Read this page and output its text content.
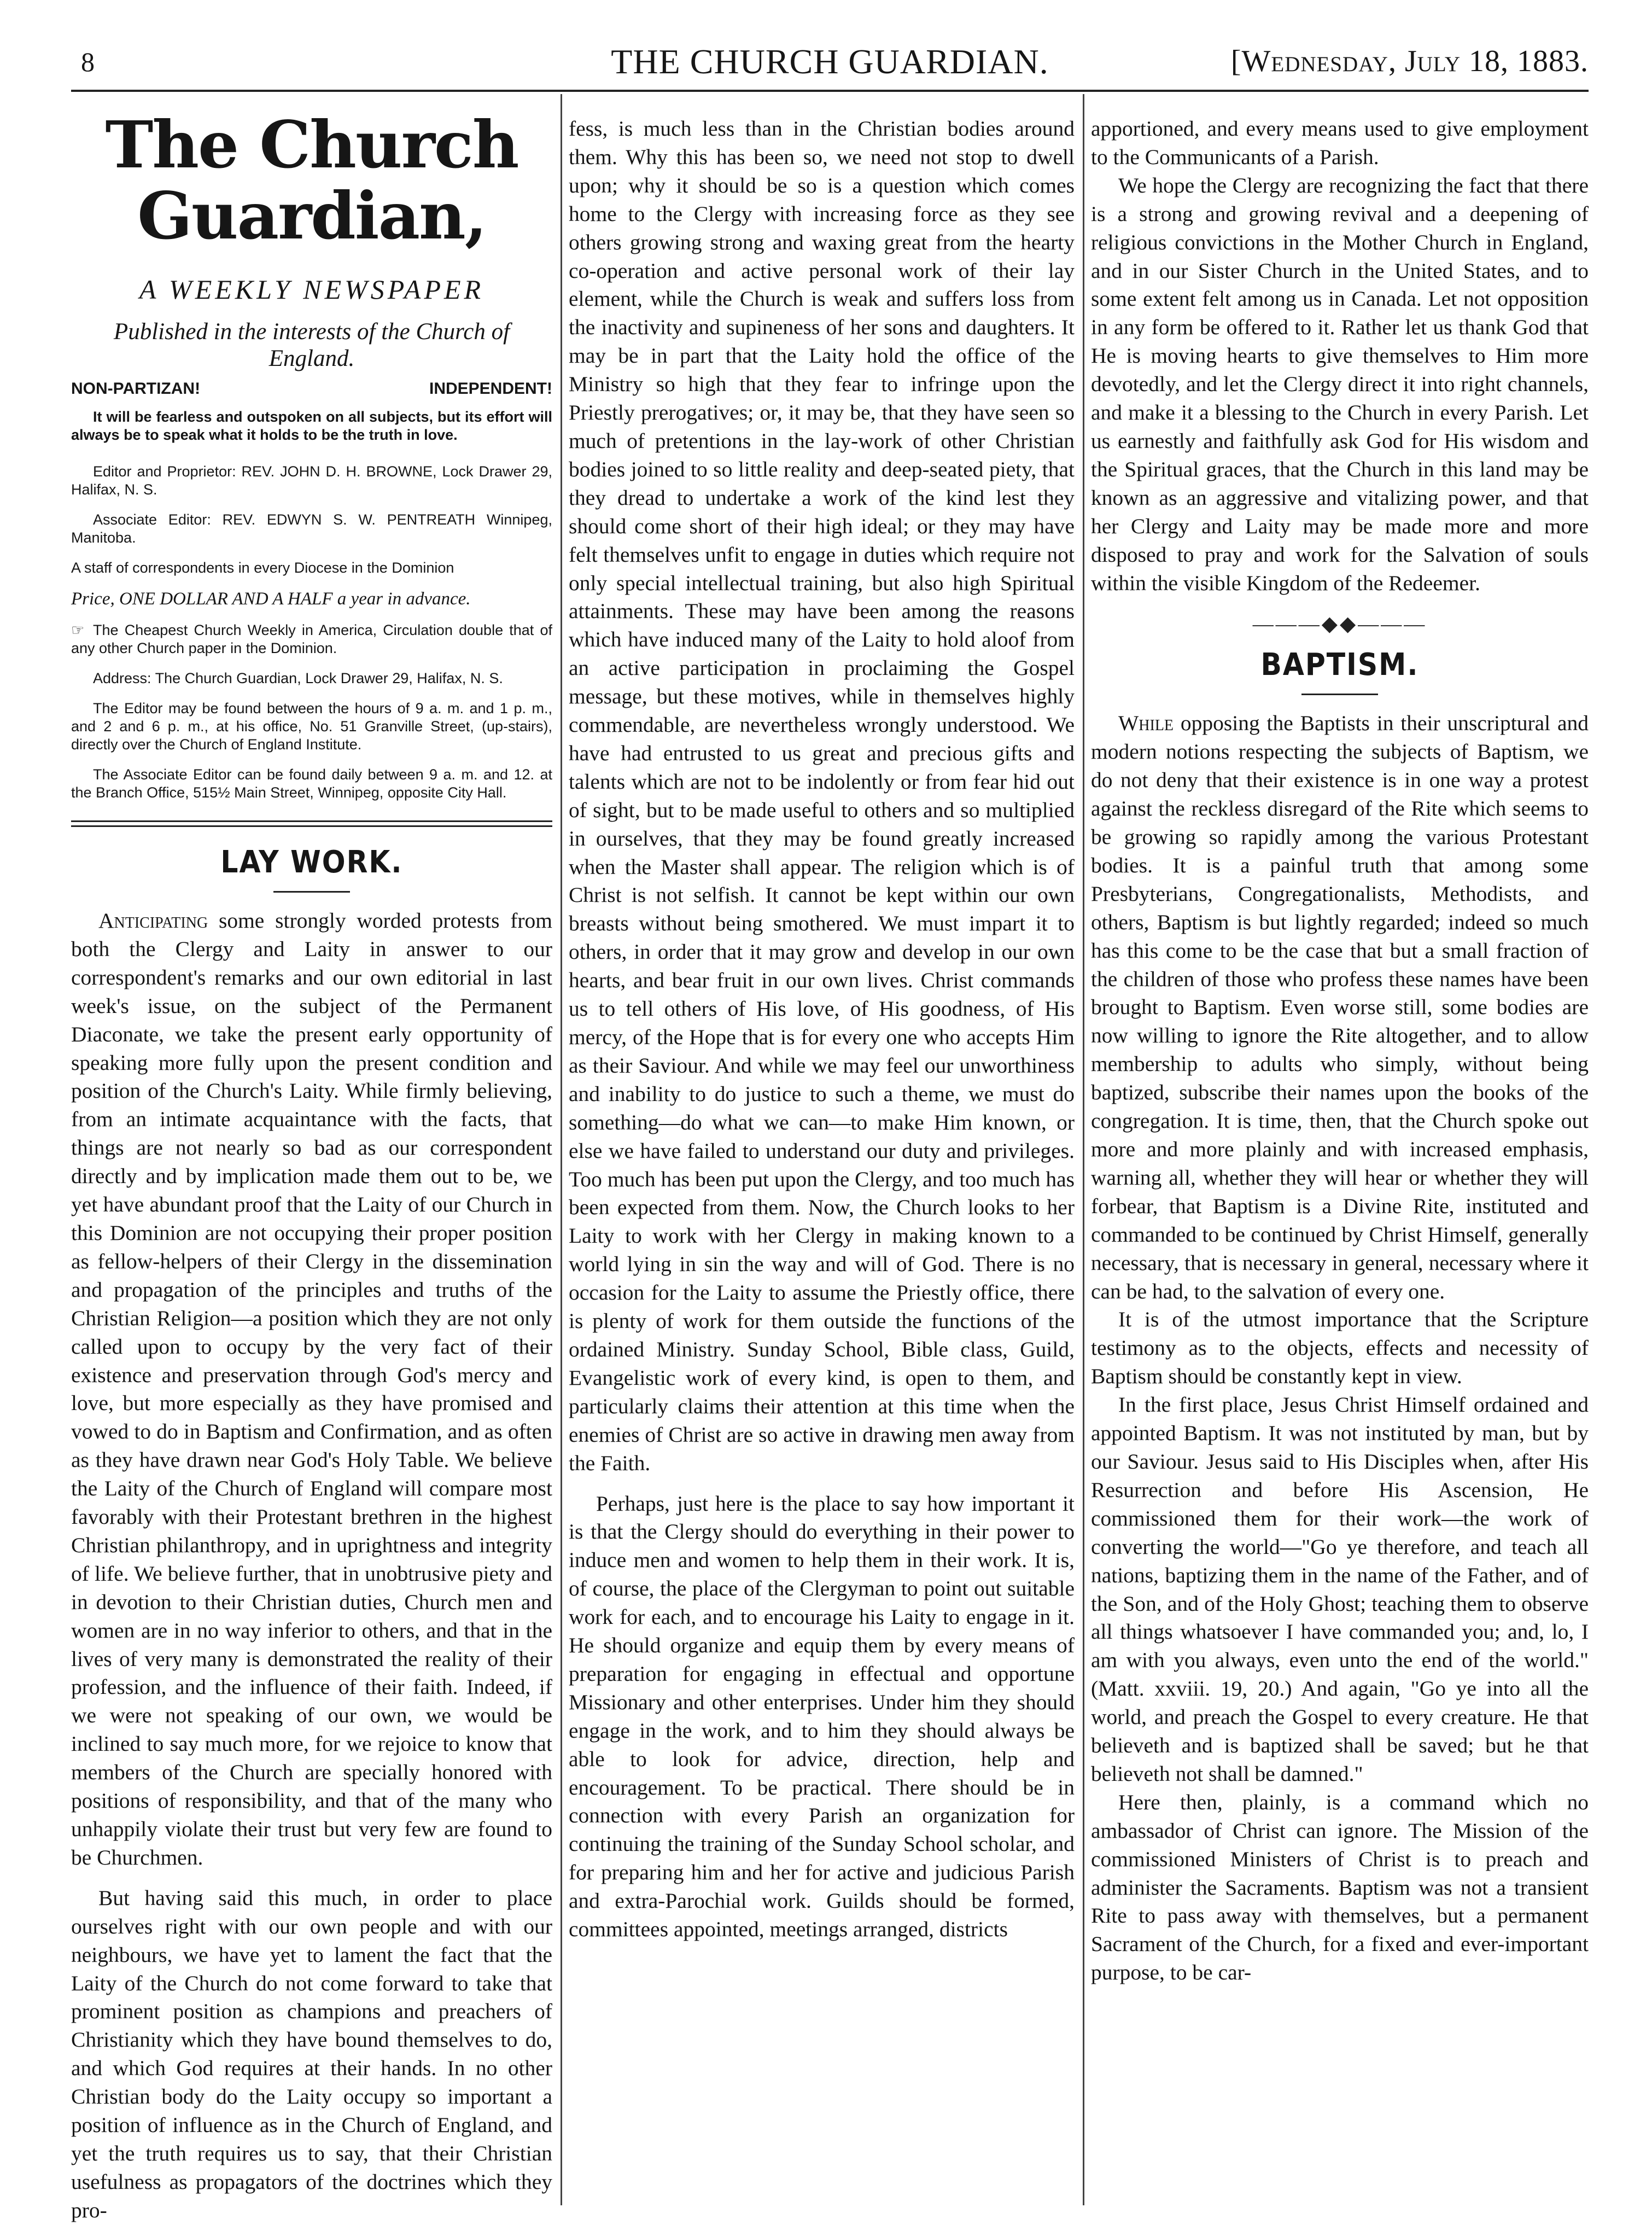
8	THE CHURCH GUARDIAN.	[Wednesday, July 18, 1883.
The Church Guardian,
A WEEKLY NEWSPAPER
Published in the interests of the Church of England.
NON-PARTIZAN!	INDEPENDENT!

It will be fearless and outspoken on all subjects, but its effort will always be to speak what it holds to be the truth in love.

Editor and Proprietor: REV. JOHN D. H. BROWNE, Lock Drawer 29, Halifax, N. S.

Associate Editor: REV. EDWYN S. W. PENTREATH Winnipeg, Manitoba.

A staff of correspondents in every Diocese in the Dominion

Price, ONE DOLLAR AND A HALF a year in advance.

☞ The Cheapest Church Weekly in America, Circulation double that of any other Church paper in the Dominion.

Address: The Church Guardian, Lock Drawer 29, Halifax, N. S.

The Editor may be found between the hours of 9 a. m. and 1 p. m., and 2 and 6 p. m., at his office, No. 51 Granville Street, (up-stairs), directly over the Church of England Institute.

The Associate Editor can be found daily between 9 a. m. and 12. at the Branch Office, 515½ Main Street, Winnipeg, opposite City Hall.

LAY WORK.

Anticipating some strongly worded protests from both the Clergy and Laity in answer to our correspondent's remarks and our own editorial in last week's issue, on the subject of the Permanent Diaconate, we take the present early opportunity of speaking more fully upon the present condition and position of the Church's Laity. While firmly believing, from an intimate acquaintance with the facts, that things are not nearly so bad as our correspondent directly and by implication made them out to be, we yet have abundant proof that the Laity of our Church in this Dominion are not occupying their proper position as fellow-helpers of their Clergy in the dissemination and propagation of the principles and truths of the Christian Religion—a position which they are not only called upon to occupy by the very fact of their existence and preservation through God's mercy and love, but more especially as they have promised and vowed to do in Baptism and Confirmation, and as often as they have drawn near God's Holy Table. We believe the Laity of the Church of England will compare most favorably with their Protestant brethren in the highest Christian philanthropy, and in uprightness and integrity of life. We believe further, that in unobtrusive piety and in devotion to their Christian duties, Church men and women are in no way inferior to others, and that in the lives of very many is demonstrated the reality of their profession, and the influence of their faith. Indeed, if we were not speaking of our own, we would be inclined to say much more, for we rejoice to know that members of the Church are specially honored with positions of responsibility, and that of the many who unhappily violate their trust but very few are found to be Churchmen.

But having said this much, in order to place ourselves right with our own people and with our neighbours, we have yet to lament the fact that the Laity of the Church do not come forward to take that prominent position as champions and preachers of Christianity which they have bound themselves to do, and which God requires at their hands. In no other Christian body do the Laity occupy so important a position of influence as in the Church of England, and yet the truth requires us to say, that their Christian usefulness as propagators of the doctrines which they pro-

fess, is much less than in the Christian bodies around them. Why this has been so, we need not stop to dwell upon; why it should be so is a question which comes home to the Clergy with increasing force as they see others growing strong and waxing great from the hearty co-operation and active personal work of their lay element, while the Church is weak and suffers loss from the inactivity and supineness of her sons and daughters. It may be in part that the Laity hold the office of the Ministry so high that they fear to infringe upon the Priestly prerogatives; or, it may be, that they have seen so much of pretentions in the lay-work of other Christian bodies joined to so little reality and deep-seated piety, that they dread to undertake a work of the kind lest they should come short of their high ideal; or they may have felt themselves unfit to engage in duties which require not only special intellectual training, but also high Spiritual attainments. These may have been among the reasons which have induced many of the Laity to hold aloof from an active participation in proclaiming the Gospel message, but these motives, while in themselves highly commendable, are nevertheless wrongly understood. We have had entrusted to us great and precious gifts and talents which are not to be indolently or from fear hid out of sight, but to be made useful to others and so multiplied in ourselves, that they may be found greatly increased when the Master shall appear. The religion which is of Christ is not selfish. It cannot be kept within our own breasts without being smothered. We must impart it to others, in order that it may grow and develop in our own hearts, and bear fruit in our own lives. Christ commands us to tell others of His love, of His goodness, of His mercy, of the Hope that is for every one who accepts Him as their Saviour. And while we may feel our unworthiness and inability to do justice to such a theme, we must do something—do what we can—to make Him known, or else we have failed to understand our duty and privileges. Too much has been put upon the Clergy, and too much has been expected from them. Now, the Church looks to her Laity to work with her Clergy in making known to a world lying in sin the way and will of God. There is no occasion for the Laity to assume the Priestly office, there is plenty of work for them outside the functions of the ordained Ministry. Sunday School, Bible class, Guild, Evangelistic work of every kind, is open to them, and particularly claims their attention at this time when the enemies of Christ are so active in drawing men away from the Faith.

Perhaps, just here is the place to say how important it is that the Clergy should do everything in their power to induce men and women to help them in their work. It is, of course, the place of the Clergyman to point out suitable work for each, and to encourage his Laity to engage in it. He should organize and equip them by every means of preparation for engaging in effectual and opportune Missionary and other enterprises. Under him they should engage in the work, and to him they should always be able to look for advice, direction, help and encouragement. To be practical. There should be in connection with every Parish an organization for continuing the training of the Sunday School scholar, and for preparing him and her for active and judicious Parish and extra-Parochial work. Guilds should be formed, committees appointed, meetings arranged, districts

apportioned, and every means used to give employment to the Communicants of a Parish.

We hope the Clergy are recognizing the fact that there is a strong and growing revival and a deepening of religious convictions in the Mother Church in England, and in our Sister Church in the United States, and to some extent felt among us in Canada. Let not opposition in any form be offered to it. Rather let us thank God that He is moving hearts to give themselves to Him more devotedly, and let the Clergy direct it into right channels, and make it a blessing to the Church in every Parish. Let us earnestly and faithfully ask God for His wisdom and the Spiritual graces, that the Church in this land may be known as an aggressive and vitalizing power, and that her Clergy and Laity may be made more and more disposed to pray and work for the Salvation of souls within the visible Kingdom of the Redeemer.

———◆◆———
BAPTISM.

While opposing the Baptists in their unscriptural and modern notions respecting the subjects of Baptism, we do not deny that their existence is in one way a protest against the reckless disregard of the Rite which seems to be growing so rapidly among the various Protestant bodies. It is a painful truth that among some Presbyterians, Congregationalists, Methodists, and others, Baptism is but lightly regarded; indeed so much has this come to be the case that but a small fraction of the children of those who profess these names have been brought to Baptism. Even worse still, some bodies are now willing to ignore the Rite altogether, and to allow membership to adults who simply, without being baptized, subscribe their names upon the books of the congregation. It is time, then, that the Church spoke out more and more plainly and with increased emphasis, warning all, whether they will hear or whether they will forbear, that Baptism is a Divine Rite, instituted and commanded to be continued by Christ Himself, generally necessary, that is necessary in general, necessary where it can be had, to the salvation of every one.

It is of the utmost importance that the Scripture testimony as to the objects, effects and necessity of Baptism should be constantly kept in view.

In the first place, Jesus Christ Himself ordained and appointed Baptism. It was not instituted by man, but by our Saviour. Jesus said to His Disciples when, after His Resurrection and before His Ascension, He commissioned them for their work—the work of converting the world—"Go ye therefore, and teach all nations, baptizing them in the name of the Father, and of the Son, and of the Holy Ghost; teaching them to observe all things whatsoever I have commanded you; and, lo, I am with you always, even unto the end of the world." (Matt. xxviii. 19, 20.) And again, "Go ye into all the world, and preach the Gospel to every creature. He that believeth and is baptized shall be saved; but he that believeth not shall be damned."

Here then, plainly, is a command which no ambassador of Christ can ignore. The Mission of the commissioned Ministers of Christ is to preach and administer the Sacraments. Baptism was not a transient Rite to pass away with themselves, but a permanent Sacrament of the Church, for a fixed and ever-important purpose, to be car-
